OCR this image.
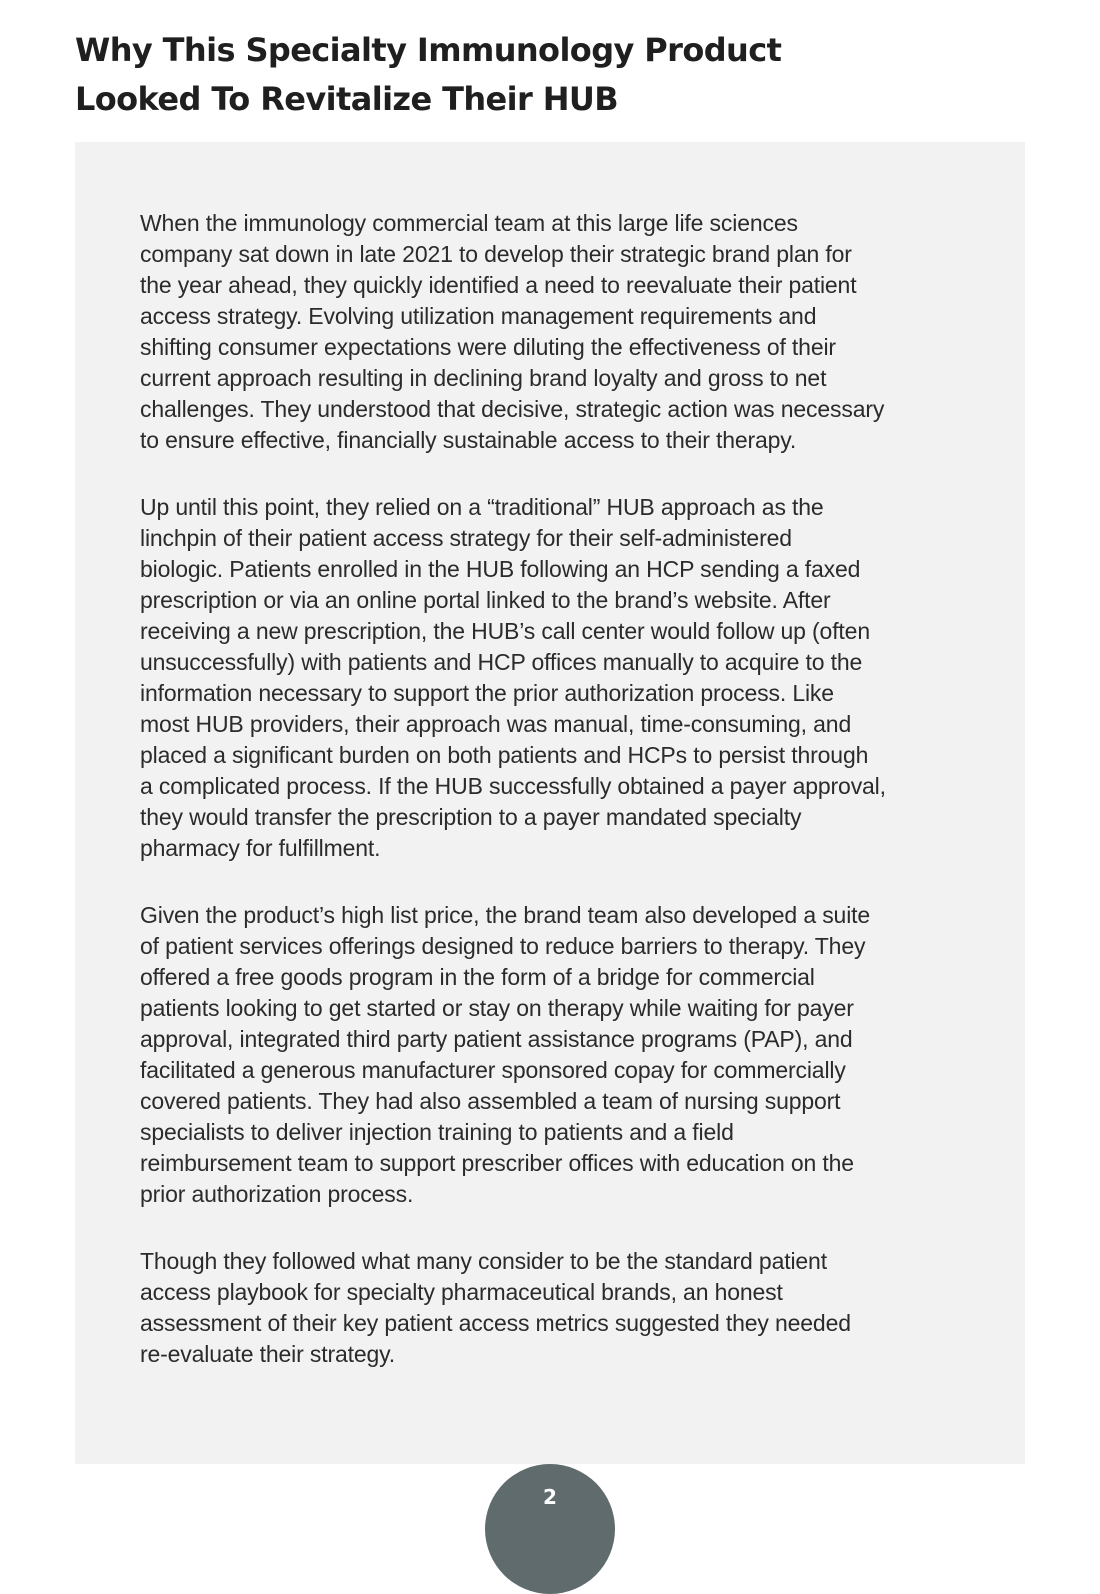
Why This Specialty Immunology Product
Looked To Revitalize Their HUB

When the immunology commercial team at this large life sciences
company sat down in late 2021 to develop their strategic brand plan for
the year ahead, they quickly identified a need to reevaluate their patient
access strategy. Evolving utilization management requirements and
shifting consumer expectations were diluting the effectiveness of their
current approach resulting in declining brand loyalty and gross to net
challenges. They understood that decisive, strategic action was necessary
to ensure effective, financially sustainable access to their therapy.

Up until this point, they relied on a “traditional” HUB approach as the
linchpin of their patient access strategy for their self-administered
biologic. Patients enrolled in the HUB following an HCP sending a faxed
prescription or via an online portal linked to the brand’s website. After
receiving a new prescription, the HUB’s call center would follow up (often
unsuccessfully) with patients and HCP offices manually to acquire to the
information necessary to support the prior authorization process. Like
most HUB providers, their approach was manual, time-consuming, and
placed a significant burden on both patients and HCPs to persist through
a complicated process. If the HUB successfully obtained a payer approval,
they would transfer the prescription to a payer mandated specialty
pharmacy for fulfillment.

Given the product’s high list price, the brand team also developed a suite
of patient services offerings designed to reduce barriers to therapy. They
offered a free goods program in the form of a bridge for commercial
patients looking to get started or stay on therapy while waiting for payer
approval, integrated third party patient assistance programs (PAP), and
facilitated a generous manufacturer sponsored copay for commercially
covered patients. They had also assembled a team of nursing support
specialists to deliver injection training to patients and a field
reimbursement team to support prescriber offices with education on the
prior authorization process.

Though they followed what many consider to be the standard patient
access playbook for specialty pharmaceutical brands, an honest
assessment of their key patient access metrics suggested they needed
re-evaluate their strategy.

2
